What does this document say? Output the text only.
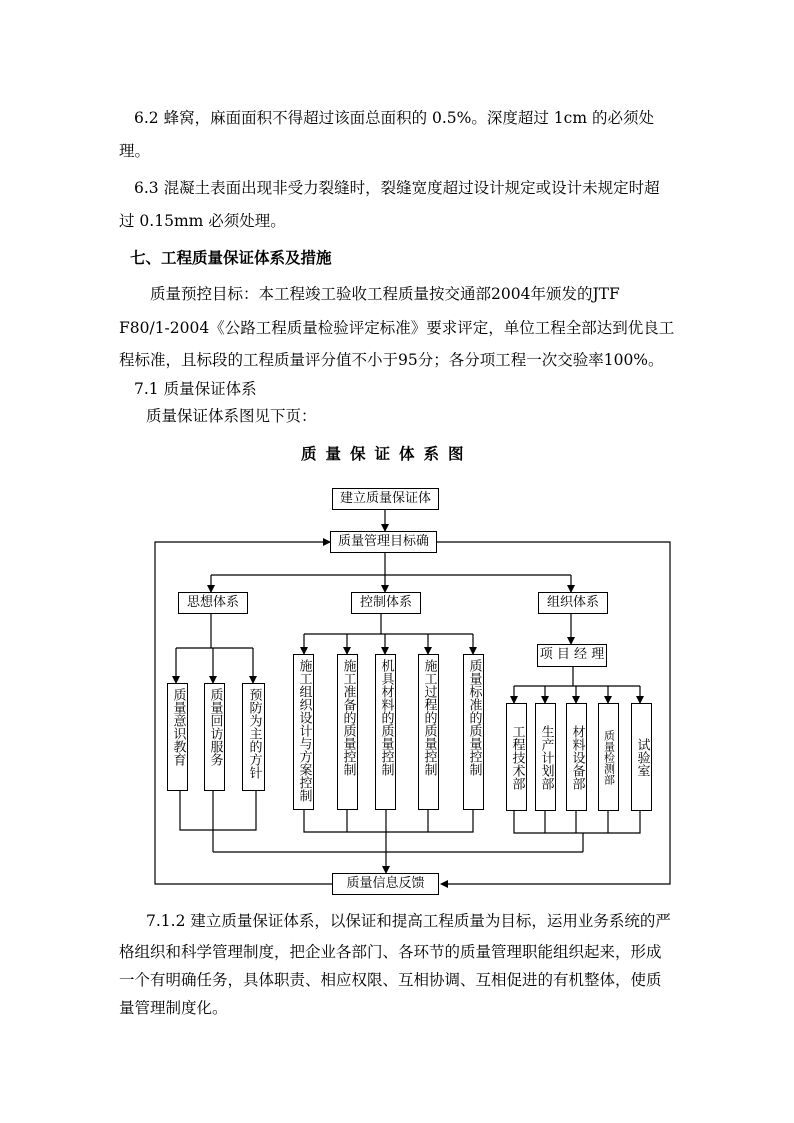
6.2 蜂窝，麻面面积不得超过该面总面积的 0.5%。深度超过 1cm 的必须处
理。
6.3 混凝土表面出现非受力裂缝时，裂缝宽度超过设计规定或设计未规定时超
过 0.15mm 必须处理。
七、工程质量保证体系及措施
质量预控目标：本工程竣工验收工程质量按交通部2004年颁发的JTF
F80/1-2004《公路工程质量检验评定标准》要求评定，单位工程全部达到优良工
程标准，且标段的工程质量评分值不小于95分；各分项工程一次交验率100%。
7.1 质量保证体系
质量保证体系图见下页：
质量保证体系图
建立质量保证体
质量管理目标确
思想体系	控制体系	组织体系
质量意识教育 质量回访服务	预防为主的方针	施工组织设计与方案控制 施工准备的质量控制 机具材料的质量控制 施工过程的质量控制 质量标准的质量控制
项 目 经 理
工程技术部 生产计划部 材料设备部	质量检测部 试验室
质量信息反馈
7.1.2 建立质量保证体系，以保证和提高工程质量为目标，运用业务系统的严
格组织和科学管理制度，把企业各部门、各环节的质量管理职能组织起来，形成
一个有明确任务，具体职责、相应权限、互相协调、互相促进的有机整体，使质
量管理制度化。
